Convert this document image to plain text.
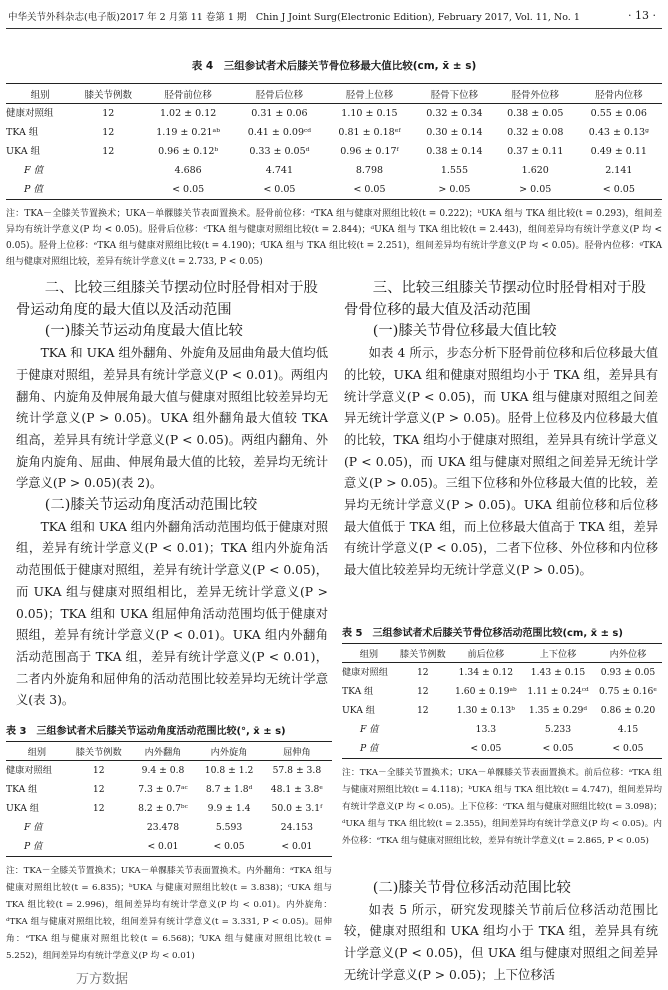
中华关节外科杂志(电子版)2017 年 2 月第 11 卷第 1 期　Chin J Joint Surg(Electronic Edition), February 2017, Vol. 11, No. 1	· 13 ·
表 4　三组参试者术后膝关节骨位移最大值比较(cm, x̄ ± s)
组别	膝关节例数	胫骨前位移	胫骨后位移	胫骨上位移	胫骨下位移	胫骨外位移	胫骨内位移
健康对照组	12	1.02 ± 0.12	0.31 ± 0.06	1.10 ± 0.15	0.32 ± 0.34	0.38 ± 0.05	0.55 ± 0.06
TKA 组	12	1.19 ± 0.21ᵃᵇ	0.41 ± 0.09ᶜᵈ	0.81 ± 0.18ᵉᶠ	0.30 ± 0.14	0.32 ± 0.08	0.43 ± 0.13ᵍ
UKA 组	12	0.96 ± 0.12ᵇ	0.33 ± 0.05ᵈ	0.96 ± 0.17ᶠ	0.38 ± 0.14	0.37 ± 0.11	0.49 ± 0.11
F 值		4.686	4.741	8.798	1.555	1.620	2.141
P 值		< 0.05	< 0.05	< 0.05	> 0.05	> 0.05	< 0.05
注：TKA－全膝关节置换术；UKA－单髁膝关节表面置换术。胫骨前位移：ᵃTKA 组与健康对照组比较(t = 0.222)；ᵇUKA 组与 TKA 组比较(t = 0.293)，组间差异均有统计学意义(P 均 < 0.05)。胫骨后位移：ᶜTKA 组与健康对照组比较(t = 2.844)；ᵈUKA 组与 TKA 组比较(t = 2.443)，组间差异均有统计学意义(P 均 < 0.05)。胫骨上位移：ᵉTKA 组与健康对照组比较(t = 4.190)；ᶠUKA 组与 TKA 组比较(t = 2.251)，组间差异均有统计学意义(P 均 < 0.05)。胫骨内位移：ᵍTKA 组与健康对照组比较，差异有统计学意义(t = 2.733, P < 0.05)
二、比较三组膝关节摆动位时胫骨相对于股骨运动角度的最大值以及活动范围
(一)膝关节运动角度最大值比较

TKA 和 UKA 组外翻角、外旋角及屈曲角最大值均低于健康对照组，差异具有统计学意义(P < 0.01)。两组内翻角、内旋角及伸展角最大值与健康对照组比较差异均无统计学意义(P > 0.05)。UKA 组外翻角最大值较 TKA 组高，差异具有统计学意义(P < 0.05)。两组内翻角、外旋角内旋角、屈曲、伸展角最大值的比较，差异均无统计学意义(P > 0.05)(表 2)。

(二)膝关节运动角度活动范围比较

TKA 组和 UKA 组内外翻角活动范围均低于健康对照组，差异有统计学意义(P < 0.01)；TKA 组内外旋角活动范围低于健康对照组，差异有统计学意义(P < 0.05)，而 UKA 组与健康对照组相比，差异无统计学意义(P > 0.05)；TKA 组和 UKA 组屈伸角活动范围均低于健康对照组，差异有统计学意义(P < 0.01)。UKA 组内外翻角活动范围高于 TKA 组，差异有统计学意义(P < 0.01)，二者内外旋角和屈伸角的活动范围比较差异均无统计学意义(表 3)。

表 3　三组参试者术后膝关节运动角度活动范围比较(°, x̄ ± s)
组别	膝关节例数	内外翻角	内外旋角	屈伸角
健康对照组	12	9.4 ± 0.8	10.8 ± 1.2	57.8 ± 3.8
TKA 组	12	7.3 ± 0.7ᵃᶜ	8.7 ± 1.8ᵈ	48.1 ± 3.8ᵉ
UKA 组	12	8.2 ± 0.7ᵇᶜ	9.9 ± 1.4	50.0 ± 3.1ᶠ
F 值		23.478	5.593	24.153
P 值		< 0.01	< 0.05	< 0.01
注：TKA－全膝关节置换术；UKA－单髁膝关节表面置换术。内外翻角：ᵃTKA 组与健康对照组比较(t = 6.835)；ᵇUKA 与健康对照组比较(t = 3.838)；ᶜUKA 组与 TKA 组比较(t = 2.996)，组间差异均有统计学意义(P 均 < 0.01)。内外旋角：ᵈTKA 组与健康对照组比较，组间差异有统计学意义(t = 3.331, P < 0.05)。屈伸角：ᵉTKA 组与健康对照组比较(t = 6.568)；ᶠUKA 组与健康对照组比较(t = 5.252)，组间差异均有统计学意义(P 均 < 0.01)
三、比较三组膝关节摆动位时胫骨相对于股骨骨位移的最大值及活动范围
(一)膝关节骨位移最大值比较

如表 4 所示，步态分析下胫骨前位移和后位移最大值的比较，UKA 组和健康对照组均小于 TKA 组，差异具有统计学意义(P < 0.05)，而 UKA 组与健康对照组之间差异无统计学意义(P > 0.05)。胫骨上位移及内位移最大值的比较，TKA 组均小于健康对照组，差异具有统计学意义(P < 0.05)，而 UKA 组与健康对照组之间差异无统计学意义(P > 0.05)。三组下位移和外位移最大值的比较，差异均无统计学意义(P > 0.05)。UKA 组前位移和后位移最大值低于 TKA 组，而上位移最大值高于 TKA 组，差异有统计学意义(P < 0.05)，二者下位移、外位移和内位移最大值比较差异均无统计学意义(P > 0.05)。

表 5　三组参试者术后膝关节骨位移活动范围比较(cm, x̄ ± s)
组别	膝关节例数	前后位移	上下位移	内外位移
健康对照组	12	1.34 ± 0.12	1.43 ± 0.15	0.93 ± 0.05
TKA 组	12	1.60 ± 0.19ᵃᵇ	1.11 ± 0.24ᶜᵈ	0.75 ± 0.16ᵉ
UKA 组	12	1.30 ± 0.13ᵇ	1.35 ± 0.29ᵈ	0.86 ± 0.20
F 值		13.3	5.233	4.15
P 值		< 0.05	< 0.05	< 0.05
注：TKA－全膝关节置换术；UKA－单髁膝关节表面置换术。前后位移：ᵃTKA 组与健康对照组比较(t = 4.118)；ᵇUKA 组与 TKA 组比较(t = 4.747)，组间差异均有统计学意义(P 均 < 0.05)。上下位移：ᶜTKA 组与健康对照组比较(t = 3.098)；ᵈUKA 组与 TKA 组比较(t = 2.355)，组间差异均有统计学意义(P 均 < 0.05)。内外位移：ᵉTKA 组与健康对照组比较，差异有统计学意义(t = 2.865, P < 0.05)
(二)膝关节骨位移活动范围比较

如表 5 所示，研究发现膝关节前后位移活动范围比较，健康对照组和 UKA 组均小于 TKA 组，差异具有统计学意义(P < 0.05)，但 UKA 组与健康对照组之间差异无统计学意义(P > 0.05)；上下位移活

万方数据
